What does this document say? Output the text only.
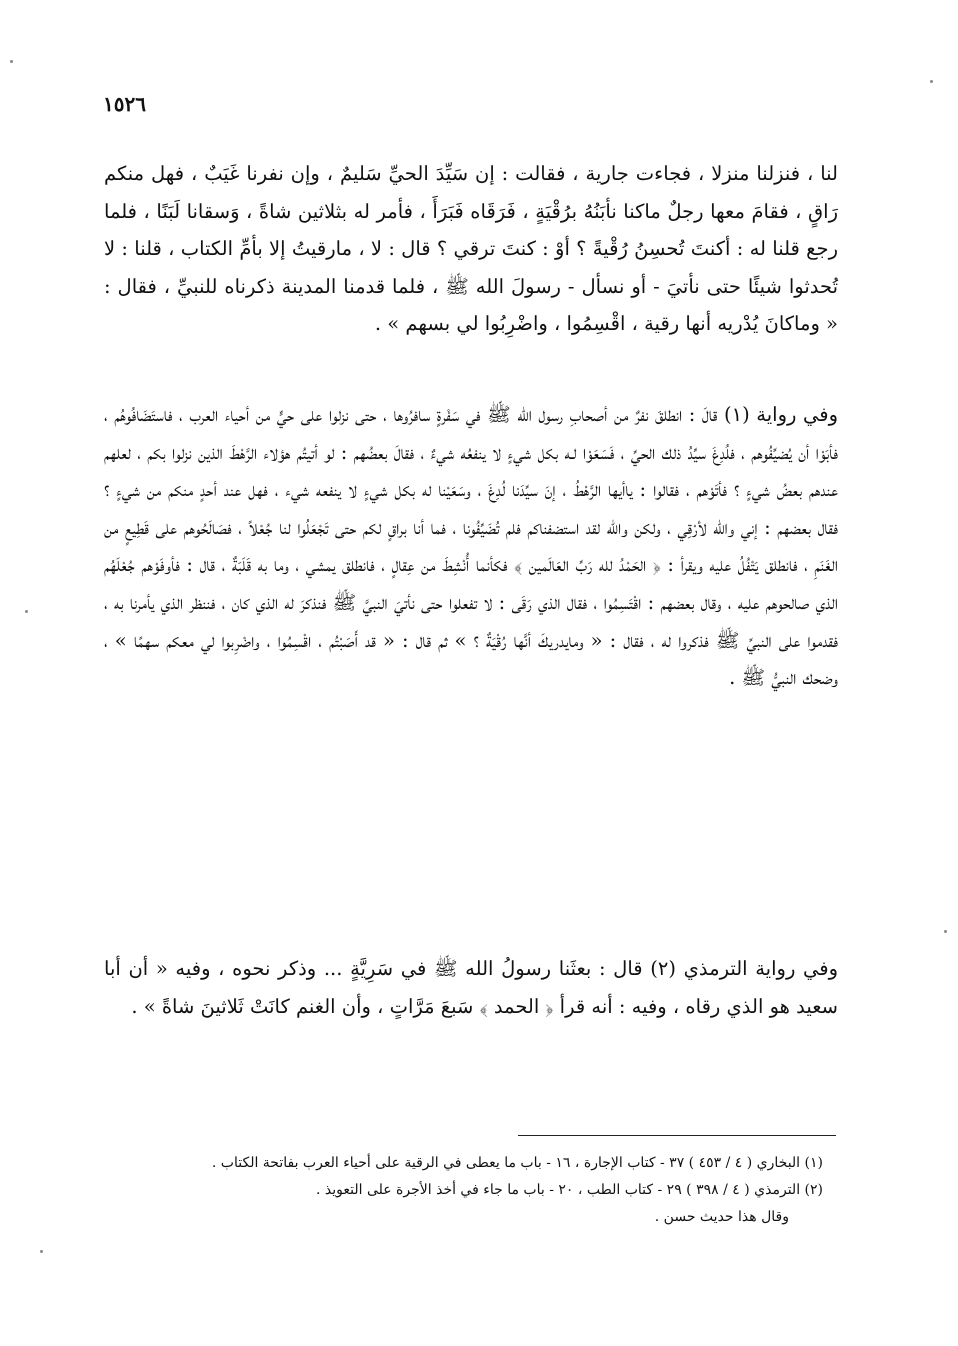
١٥٢٦

لنا ، فنزلنا منزلا ، فجاءت جارية ، فقالت : إن سَيِّدَ الحيِّ سَليمٌ ، وإن نفرنا غَيَبٌ ، فهل منكم رَاقٍ ، فقامَ معها رجلٌ ماكنا نأبَنُهُ برُقْيَةٍ ، فَرَقَاه فَبَرَأَ ، فأمر له بثلاثين شاةً ، وَسقانا لَبَنًا ، فلما رجع قلنا له : أكنتَ تُحسِنُ رُقْيةً ؟ أوْ : كنتَ ترقي ؟ قال : لا ، مارقيتُ إلا بأمِّ الكتاب ، قلنا : لا تُحدثوا شيئًا حتى نأتيَ - أو نسأل - رسولَ الله ﷺ ، فلما قدمنا المدينة ذكرناه للنبيِّ ، فقال : « وماكانَ يُدْريه أنها رقية ، اقْسِمُوا ، واضْرِبُوا لي بسهم » .

وفي رواية (١) قالَ : انطلقَ نفرٌ من أصحابِ رسول الله ﷺ في سَفْرةٍ سافرُوها ، حتى نزلوا على حيٍّ من أحياء العرب ، فاستَضَافُوهُم ، فأبَوْا أن يُضيِّفُوهم ، فلُدِغَ سيِّدُ ذلك الحيِّ ، فَسَعَوْا لـه بكل شيءٍ لا ينفعُه شيءٌ ، فقالَ بعضُهم : لو أتيتُم هؤلاء الرَّهْطَ الذين نزلوا بكم ، لعلهم عندهم بعضُ شيءٍ ؟ فأتَوْهم ، فقالوا : ياأيها الرَّهْطُ ، إنَ سيِّدَنا لُدِغَ ، وسَعَيْنا له بكل شيءٍ لا ينفعه شيء ، فهل عند أحدٍ منكم من شيءٍ ؟ فقال بعضهم : إني والله لأرْقِي ، ولكن والله لقد استضفناكم فلم تُضَيِّفُونا ، فما أنا براقٍ لكم حتى تَجْعَلُوا لنا جُعْلاً ، فصَالَحُوهم على قَطِيعٍ من الغَنَمِ ، فانطلق يَتْفُلُ عليه ويقرأ : ﴿ الحَمْدُ لله رَبِّ العَالَمين ﴾ فكأنما أُنْشِطَ من عِقالٍ ، فانطلق يمشي ، وما به قَلَبَةٌ ، قال : فأوفَوْهم جُعْلَهُم الذي صالحوهم عليه ، وقال بعضهم : اقْتَسِمُوا ، فقال الذي رَقَى : لا تفعلوا حتى نأتيَ النبيَّ ﷺ فنذكرَ له الذي كان ، فننظر الذي يأمرنا به ، فقدموا على النبيِّ ﷺ فذكروا له ، فقال : « ومايدريكَ أنَّها رُقْيَةٌ ؟ » ثم قال : « قد أَصَبْتُم ، اقْسِمُوا ، واضْرِبوا لي معكم سهمًا » ، وضحك النبيُّ ﷺ .

وفي رواية الترمذي (٢) قال : بعثَنا رسولُ الله ﷺ في سَرِيَّةٍ ... وذكر نحوه ، وفيه « أن أبا سعيد هو الذي رقاه ، وفيه : أنه قرأ ﴿ الحمد ﴾ سَبعَ مَرَّاتٍ ، وأن الغنم كانَتْ ثَلاثينَ شاةً » .

(١) البخاري ( ٤ / ٤٥٣ ) ٣٧ - كتاب الإجارة ، ١٦ - باب ما يعطى في الرقية على أحياء العرب بفاتحة الكتاب .
(٢) الترمذي ( ٤ / ٣٩٨ ) ٢٩ - كتاب الطب ، ٢٠ - باب ما جاء في أخذ الأجرة على التعويذ .
وقال هذا حديث حسن .
